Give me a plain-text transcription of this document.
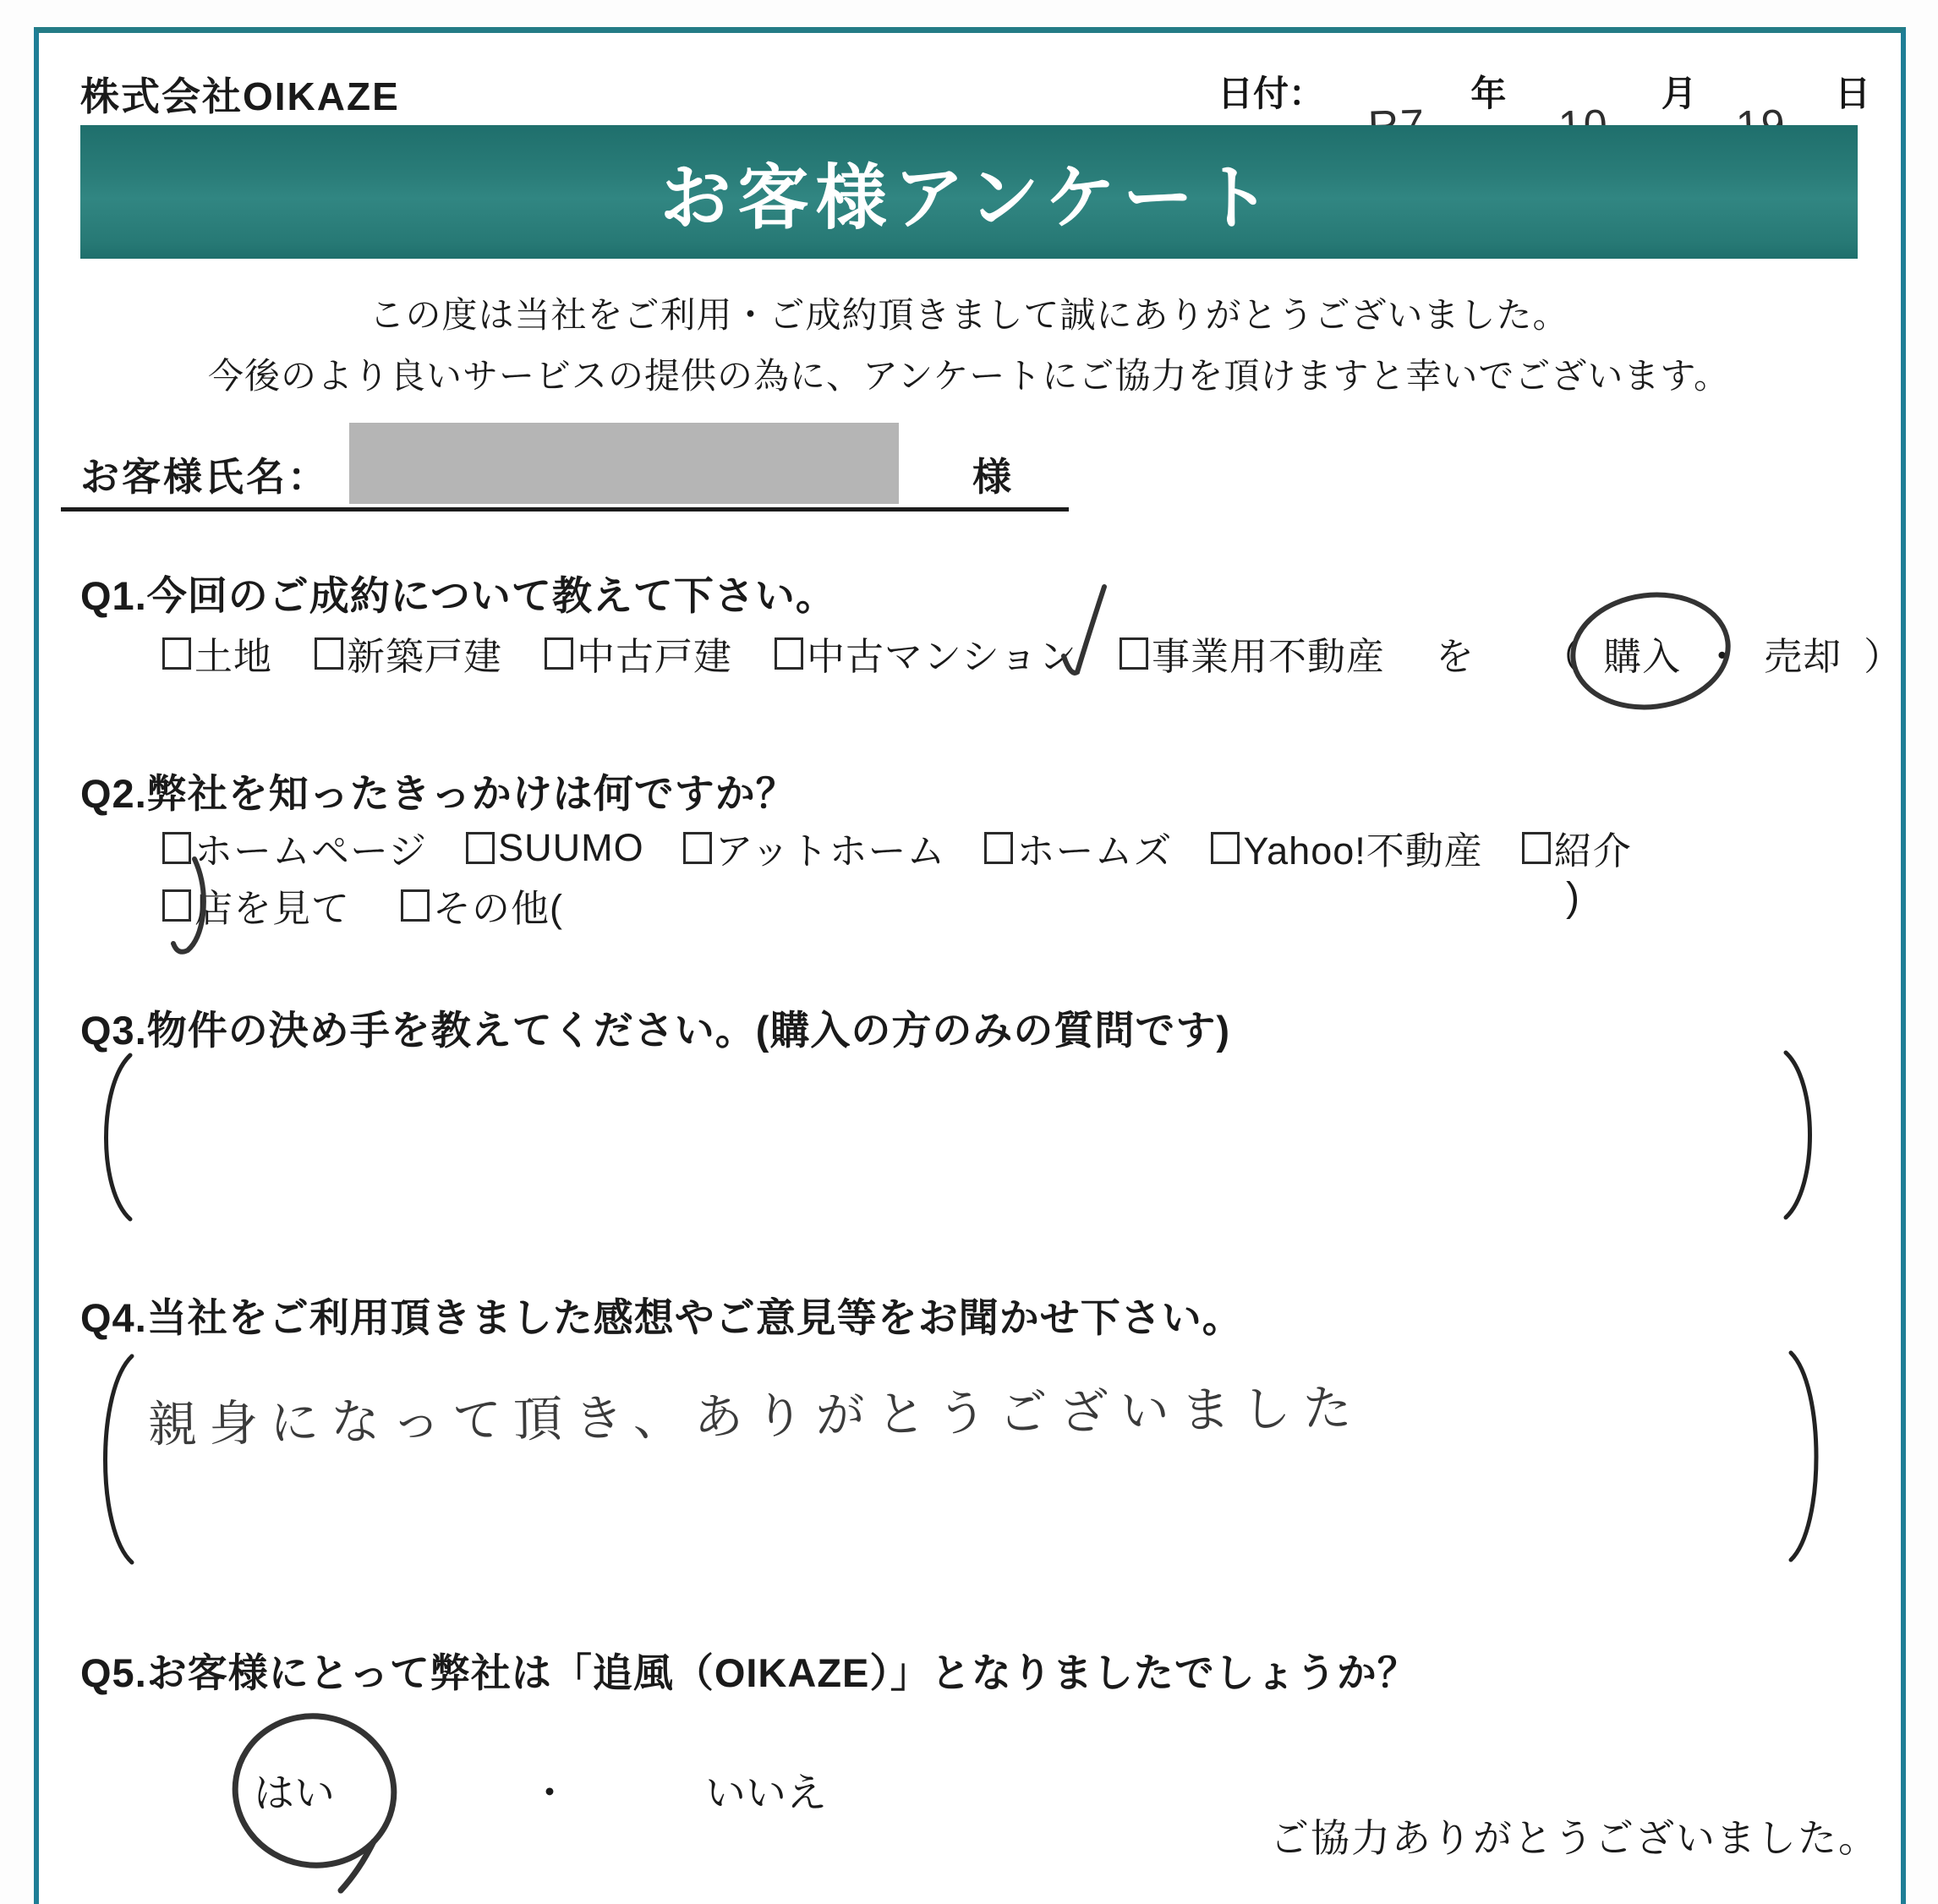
株式会社OIKAZE	日付：	年	月	日
お客様アンケート
この度は当社をご利用・ご成約頂きまして誠にありがとうございました。
今後のより良いサービスの提供の為に、アンケートにご協力を頂けますと幸いでございます。
お客様氏名：	様
Q1.今回のご成約について教えて下さい。
土地 新築戸建 中古戸建 中古マンション 事業用不動産 を （ 購入 ・ 売却 ）
Q2.弊社を知ったきっかけは何ですか？
ホームページ SUUMO アットホーム ホームズ Yahoo!不動産 紹介
店を見て その他(	)
Q3.物件の決め手を教えてください。(購入の方のみの質問です)
Q4.当社をご利用頂きました感想やご意見等をお聞かせ下さい。
親身になって頂き、ありがとうございました
Q5.お客様にとって弊社は「追風（OIKAZE）」となりましたでしょうか？
はい	・	いいえ
ご協力ありがとうございました。
